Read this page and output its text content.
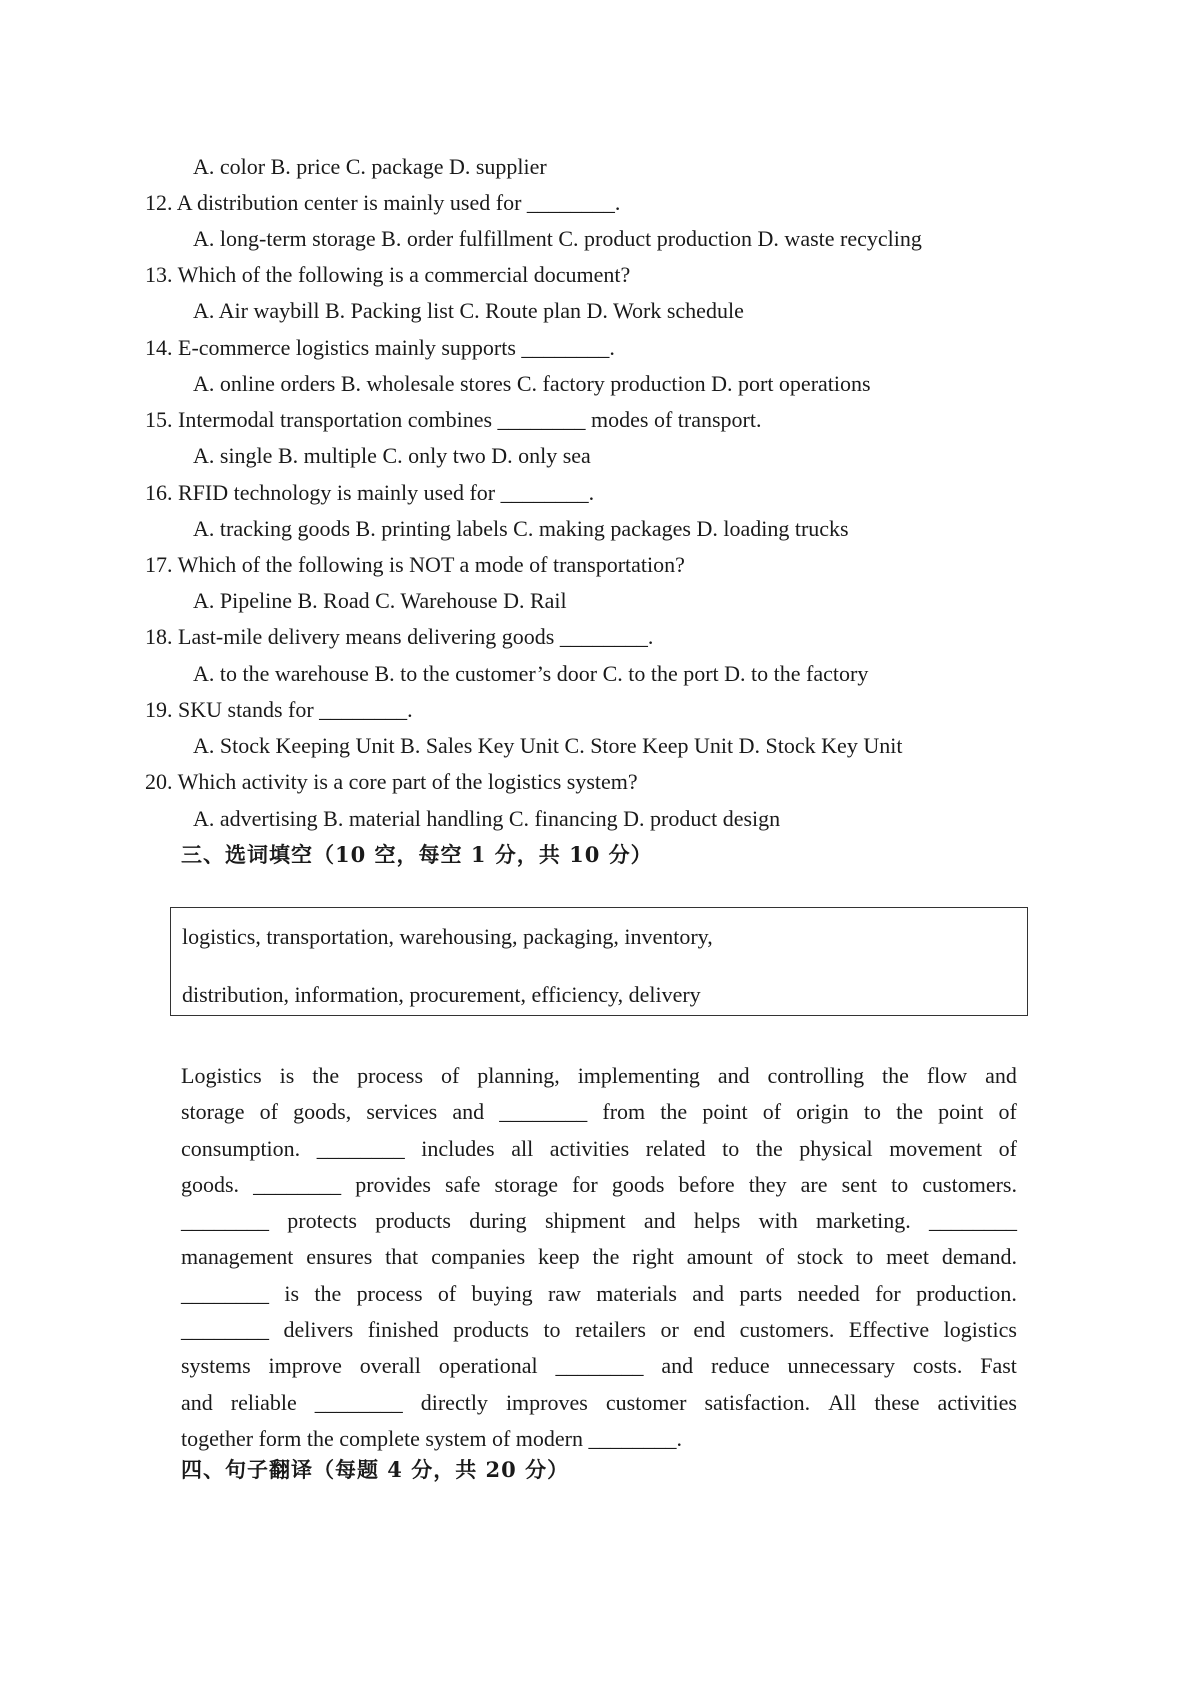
A. color B. price C. package D. supplier
12. A distribution center is mainly used for ________.
A. long-term storage B. order fulfillment C. product production D. waste recycling
13. Which of the following is a commercial document?
A. Air waybill B. Packing list C. Route plan D. Work schedule
14. E-commerce logistics mainly supports ________.
A. online orders B. wholesale stores C. factory production D. port operations
15. Intermodal transportation combines ________ modes of transport.
A. single B. multiple C. only two D. only sea
16. RFID technology is mainly used for ________.
A. tracking goods B. printing labels C. making packages D. loading trucks
17. Which of the following is NOT a mode of transportation?
A. Pipeline B. Road C. Warehouse D. Rail
18. Last-mile delivery means delivering goods ________.
A. to the warehouse B. to the customer’s door C. to the port D. to the factory
19. SKU stands for ________.
A. Stock Keeping Unit B. Sales Key Unit C. Store Keep Unit D. Stock Key Unit
20. Which activity is a core part of the logistics system?
A. advertising B. material handling C. financing D. product design
三、选词填空（10 空，每空 1 分，共 10 分）
logistics, transportation, warehousing, packaging, inventory,
distribution, information, procurement, efficiency, delivery
Logistics is the process of planning, implementing and controlling the flow and
storage of goods, services and ________ from the point of origin to the point of
consumption. ________ includes all activities related to the physical movement of
goods. ________ provides safe storage for goods before they are sent to customers.
________ protects products during shipment and helps with marketing. ________
management ensures that companies keep the right amount of stock to meet demand.
________ is the process of buying raw materials and parts needed for production.
________ delivers finished products to retailers or end customers. Effective logistics
systems improve overall operational ________ and reduce unnecessary costs. Fast
and reliable ________ directly improves customer satisfaction. All these activities
together form the complete system of modern ________.
四、句子翻译（每题 4 分，共 20 分）
